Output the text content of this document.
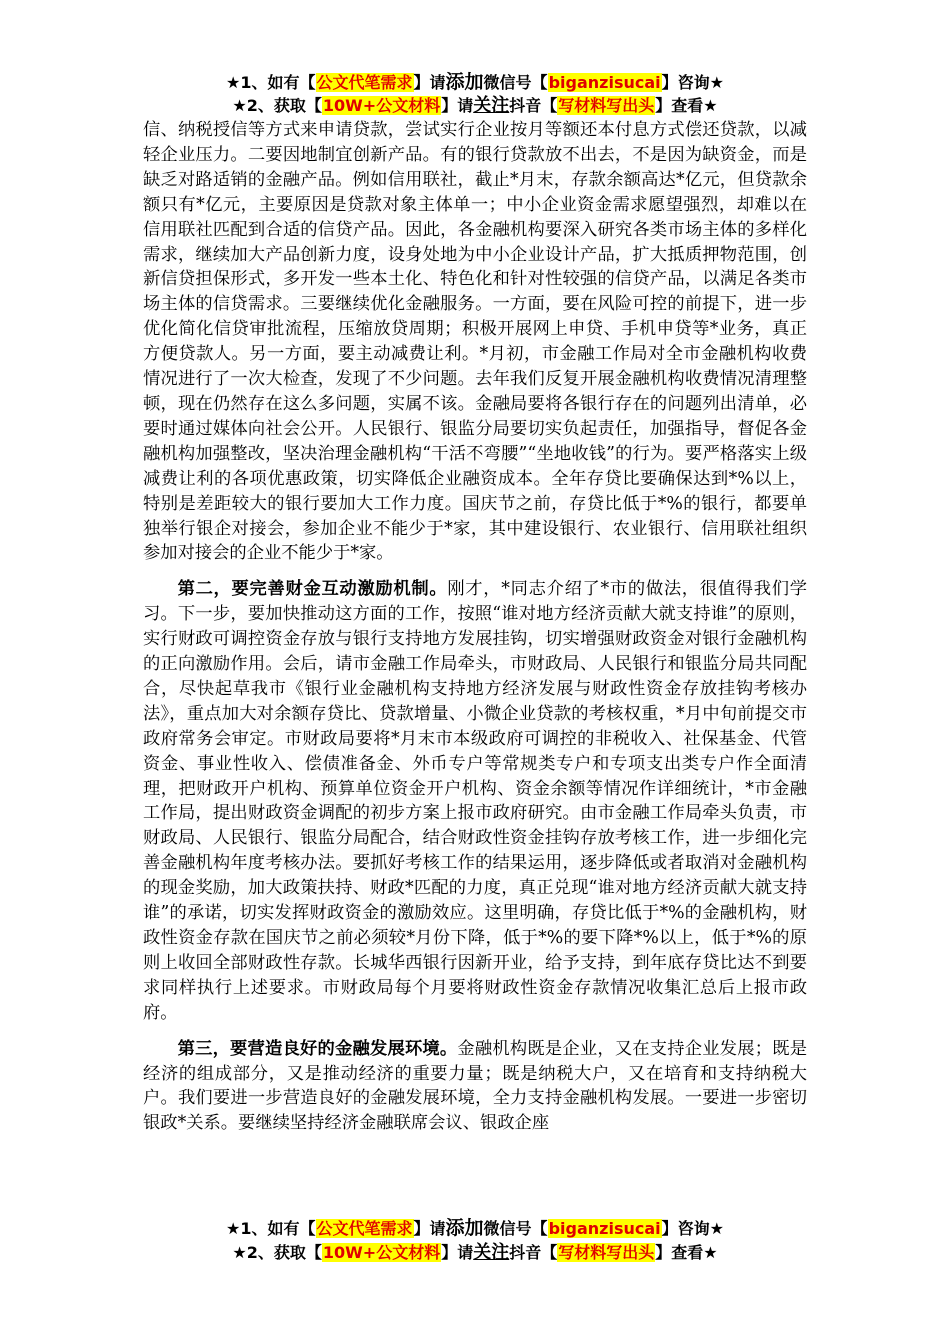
★1、如有【公文代笔需求】请添加微信号【biganzisucai】咨询★
★2、获取【10W+公文材料】请关注抖音【写材料写出头】查看★

信、纳税授信等方式来申请贷款，尝试实行企业按月等额还本付息方式偿还贷款，以减轻企业压力。二要因地制宜创新产品。有的银行贷款放不出去，不是因为缺资金，而是缺乏对路适销的金融产品。例如信用联社，截止*月末，存款余额高达*亿元，但贷款余额只有*亿元，主要原因是贷款对象主体单一；中小企业资金需求愿望强烈，却难以在信用联社匹配到合适的信贷产品。因此，各金融机构要深入研究各类市场主体的多样化需求，继续加大产品创新力度，设身处地为中小企业设计产品，扩大抵质押物范围，创新信贷担保形式，多开发一些本土化、特色化和针对性较强的信贷产品，以满足各类市场主体的信贷需求。三要继续优化金融服务。一方面，要在风险可控的前提下，进一步优化简化信贷审批流程，压缩放贷周期；积极开展网上申贷、手机申贷等*业务，真正方便贷款人。另一方面，要主动减费让利。*月初，市金融工作局对全市金融机构收费情况进行了一次大检查，发现了不少问题。去年我们反复开展金融机构收费情况清理整顿，现在仍然存在这么多问题，实属不该。金融局要将各银行存在的问题列出清单，必要时通过媒体向社会公开。人民银行、银监分局要切实负起责任，加强指导，督促各金融机构加强整改，坚决治理金融机构“干活不弯腰”“坐地收钱”的行为。要严格落实上级减费让利的各项优惠政策，切实降低企业融资成本。全年存贷比要确保达到*%以上，特别是差距较大的银行要加大工作力度。国庆节之前，存贷比低于*%的银行，都要单独举行银企对接会，参加企业不能少于*家，其中建设银行、农业银行、信用联社组织参加对接会的企业不能少于*家。

第二，要完善财金互动激励机制。刚才，*同志介绍了*市的做法，很值得我们学习。下一步，要加快推动这方面的工作，按照“谁对地方经济贡献大就支持谁”的原则，实行财政可调控资金存放与银行支持地方发展挂钩，切实增强财政资金对银行金融机构的正向激励作用。会后，请市金融工作局牵头，市财政局、人民银行和银监分局共同配合，尽快起草我市《银行业金融机构支持地方经济发展与财政性资金存放挂钩考核办法》，重点加大对余额存贷比、贷款增量、小微企业贷款的考核权重，*月中旬前提交市政府常务会审定。市财政局要将*月末市本级政府可调控的非税收入、社保基金、代管资金、事业性收入、偿债准备金、外币专户等常规类专户和专项支出类专户作全面清理，把财政开户机构、预算单位资金开户机构、资金余额等情况作详细统计，*市金融工作局，提出财政资金调配的初步方案上报市政府研究。由市金融工作局牵头负责，市财政局、人民银行、银监分局配合，结合财政性资金挂钩存放考核工作，进一步细化完善金融机构年度考核办法。要抓好考核工作的结果运用，逐步降低或者取消对金融机构的现金奖励，加大政策扶持、财政*匹配的力度，真正兑现“谁对地方经济贡献大就支持谁”的承诺，切实发挥财政资金的激励效应。这里明确，存贷比低于*%的金融机构，财政性资金存款在国庆节之前必须较*月份下降，低于*%的要下降*%以上，低于*%的原则上收回全部财政性存款。长城华西银行因新开业，给予支持，到年底存贷比达不到要求同样执行上述要求。市财政局每个月要将财政性资金存款情况收集汇总后上报市政府。

第三，要营造良好的金融发展环境。金融机构既是企业，又在支持企业发展；既是经济的组成部分，又是推动经济的重要力量；既是纳税大户，又在培育和支持纳税大户。我们要进一步营造良好的金融发展环境，全力支持金融机构发展。一要进一步密切银政*关系。要继续坚持经济金融联席会议、银政企座

★1、如有【公文代笔需求】请添加微信号【biganzisucai】咨询★
★2、获取【10W+公文材料】请关注抖音【写材料写出头】查看★
